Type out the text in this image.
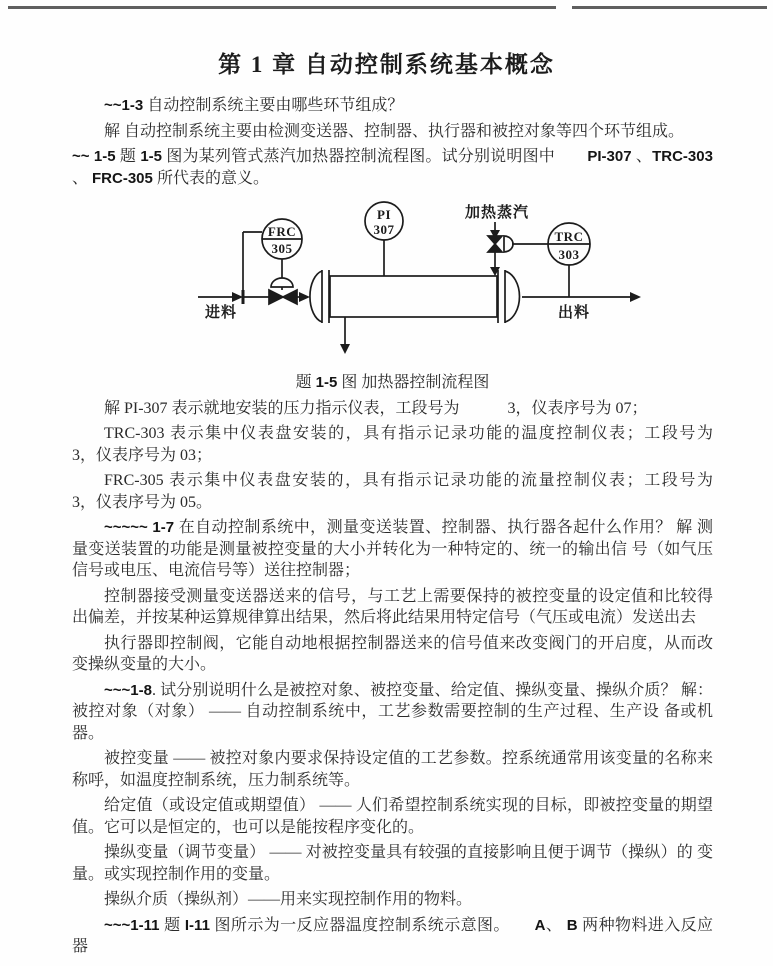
第 1 章 自动控制系统基本概念

~~1-3 自动控制系统主要由哪些环节组成？

解 自动控制系统主要由检测变送器、控制器、执行器和被控对象等四个环节组成。

~~ 1-5 题 1-5 图为某列管式蒸汽加热器控制流程图。试分别说明图中　　PI-307 、TRC-303 、 FRC-305 所代表的意义。

加热蒸汽
进料	出料
FRC
305
PI
307	TRC
303

题 1-5 图 加热器控制流程图

解 PI-307 表示就地安装的压力指示仪表，工段号为　　　3，仪表序号为 07；

TRC-303 表示集中仪表盘安装的，具有指示记录功能的温度控制仪表；工段号为　　3，仪表序号为 03；

FRC-305 表示集中仪表盘安装的，具有指示记录功能的流量控制仪表；工段号为　　3，仪表序号为 05。

~~~~~ 1-7 在自动控制系统中，测量变送装置、控制器、执行器各起什么作用？ 解 测量变送装置的功能是测量被控变量的大小并转化为一种特定的、统一的输出信 号（如气压信号或电压、电流信号等）送往控制器；

控制器接受测量变送器送来的信号，与工艺上需要保持的被控变量的设定值和比较得 出偏差，并按某种运算规律算出结果，然后将此结果用特定信号（气压或电流）发送出去

执行器即控制阀，它能自动地根据控制器送来的信号值来改变阀门的开启度，从而改 变操纵变量的大小。

~~~1-8. 试分别说明什么是被控对象、被控变量、给定值、操纵变量、操纵介质？ 解：被控对象（对象） —— 自动控制系统中，工艺参数需要控制的生产过程、生产设 备或机器。

被控变量 —— 被控对象内要求保持设定值的工艺参数。控系统通常用该变量的名称来 称呼，如温度控制系统，压力制系统等。

给定值（或设定值或期望值） —— 人们希望控制系统实现的目标，即被控变量的期望 值。它可以是恒定的，也可以是能按程序变化的。

操纵变量（调节变量） —— 对被控变量具有较强的直接影响且便于调节（操纵）的 变 量。或实现控制作用的变量。

操纵介质（操纵剂）——用来实现控制作用的物料。

~~~1-11 题 I-11 图所示为一反应器温度控制系统示意图。　　A、 B 两种物料进入反应器
